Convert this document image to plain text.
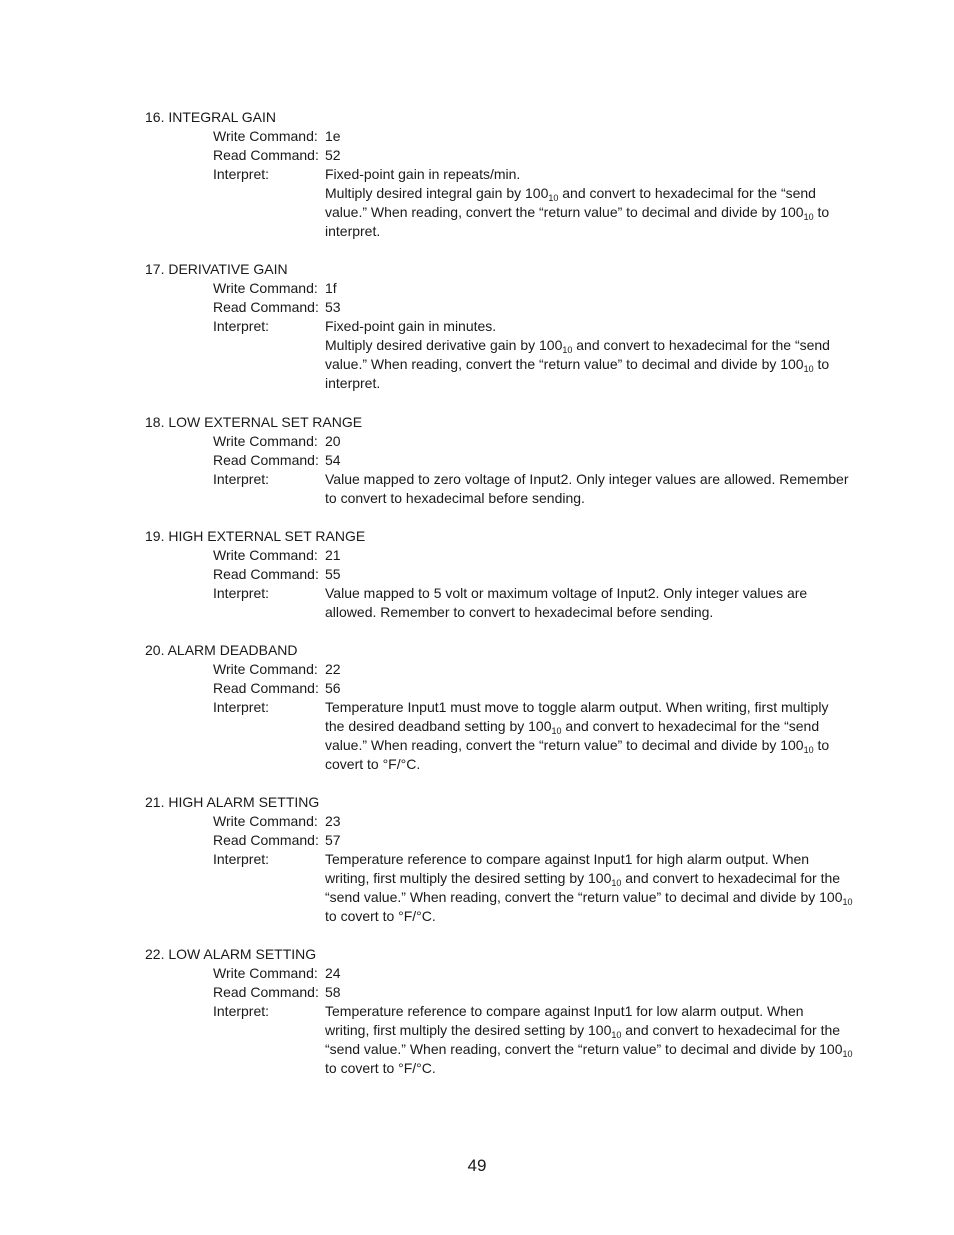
16. INTEGRAL GAIN
Write Command: 1e
Read Command: 52
Interpret:	Fixed-point gain in repeats/min.
Multiply desired integral gain by $100_{10}$ and convert to hexadecimal for the “send
value.” When reading, convert the “return value” to decimal and divide by $100_{10}$ to
interpret.
17. DERIVATIVE GAIN
Write Command: 1f
Read Command: 53
Interpret:	Fixed-point gain in minutes.
Multiply desired derivative gain by $100_{10}$ and convert to hexadecimal for the “send
value.” When reading, convert the “return value” to decimal and divide by $100_{10}$ to
interpret.
18. LOW EXTERNAL SET RANGE
Write Command: 20
Read Command: 54
Interpret:	Value mapped to zero voltage of Input2. Only integer values are allowed. Remember
to convert to hexadecimal before sending.
19. HIGH EXTERNAL SET RANGE
Write Command: 21
Read Command: 55
Interpret:	Value mapped to 5 volt or maximum voltage of Input2. Only integer values are
allowed. Remember to convert to hexadecimal before sending.
20. ALARM DEADBAND
Write Command: 22
Read Command: 56
Interpret:	Temperature Input1 must move to toggle alarm output. When writing, first multiply
the desired deadband setting by $100_{10}$ and convert to hexadecimal for the “send
value.” When reading, convert the “return value” to decimal and divide by $100_{10}$ to
covert to °F/°C.
21. HIGH ALARM SETTING
Write Command: 23
Read Command: 57
Interpret:	Temperature reference to compare against Input1 for high alarm output. When
writing, first multiply the desired setting by $100_{10}$ and convert to hexadecimal for the
“send value.” When reading, convert the “return value” to decimal and divide by $100_{10}$
to covert to °F/°C.
22. LOW ALARM SETTING
Write Command: 24
Read Command: 58
Interpret:	Temperature reference to compare against Input1 for low alarm output. When
writing, first multiply the desired setting by $100_{10}$ and convert to hexadecimal for the
“send value.” When reading, convert the “return value” to decimal and divide by $100_{10}$
to covert to °F/°C.
49
